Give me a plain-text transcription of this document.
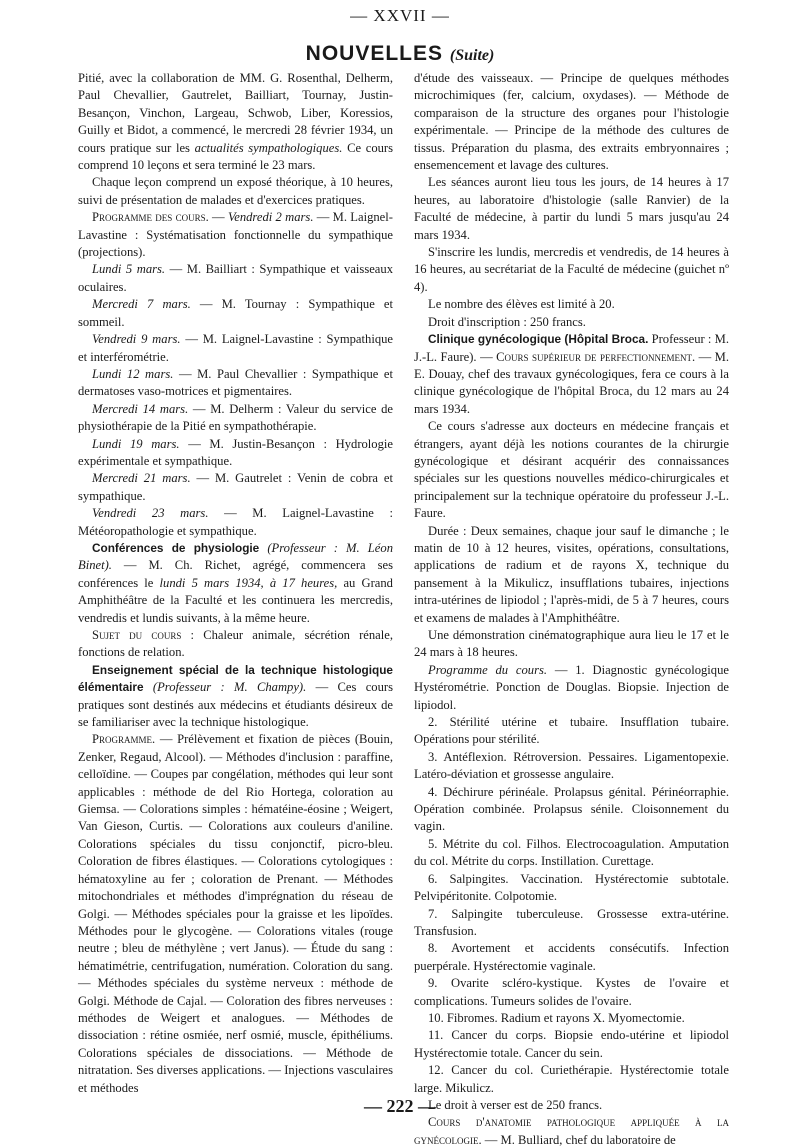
— XXVII —
NOUVELLES (Suite)

Pitié, avec la collaboration de MM. G. Rosenthal, Delherm, Paul Chevallier, Gautrelet, Bailliart, Tournay, Justin-Besançon, Vinchon, Largeau, Schwob, Liber, Koressios, Guilly et Bidot, a commencé, le mercredi 28 février 1934, un cours pratique sur les actualités sympathologiques. Ce cours comprend 10 leçons et sera terminé le 23 mars.

Chaque leçon comprend un exposé théorique, à 10 heures, suivi de présentation de malades et d'exercices pratiques.

Programme des cours. — Vendredi 2 mars. — M. Laignel-Lavastine : Systématisation fonctionnelle du sympathique (projections).

Lundi 5 mars. — M. Bailliart : Sympathique et vaisseaux oculaires.

Mercredi 7 mars. — M. Tournay : Sympathique et sommeil.

Vendredi 9 mars. — M. Laignel-Lavastine : Sympathique et interférométrie.

Lundi 12 mars. — M. Paul Chevallier : Sympathique et dermatoses vaso-motrices et pigmentaires.

Mercredi 14 mars. — M. Delherm : Valeur du service de physiothérapie de la Pitié en sympathothérapie.

Lundi 19 mars. — M. Justin-Besançon : Hydrologie expérimentale et sympathique.

Mercredi 21 mars. — M. Gautrelet : Venin de cobra et sympathique.

Vendredi 23 mars. — M. Laignel-Lavastine : Météoropathologie et sympathique.

Conférences de physiologie (Professeur : M. Léon Binet). — M. Ch. Richet, agrégé, commencera ses conférences le lundi 5 mars 1934, à 17 heures, au Grand Amphithéâtre de la Faculté et les continuera les mercredis, vendredis et lundis suivants, à la même heure.

Sujet du cours : Chaleur animale, sécrétion rénale, fonctions de relation.

Enseignement spécial de la technique histologique élémentaire (Professeur : M. Champy). — Ces cours pratiques sont destinés aux médecins et étudiants désireux de se familiariser avec la technique histologique.

Programme. — Prélèvement et fixation de pièces (Bouin, Zenker, Regaud, Alcool). — Méthodes d'inclusion : paraffine, celloïdine. — Coupes par congélation, méthodes qui leur sont applicables : méthode de del Rio Hortega, coloration au Giemsa. — Colorations simples : hématéine-éosine ; Weigert, Van Gieson, Curtis. — Colorations aux couleurs d'aniline. Colorations spéciales du tissu conjonctif, picro-bleu. Coloration de fibres élastiques. — Colorations cytologiques : hématoxyline au fer ; coloration de Prenant. — Méthodes mitochondriales et méthodes d'imprégnation du réseau de Golgi. — Méthodes spéciales pour la graisse et les lipoïdes. Méthodes pour le glycogène. — Colorations vitales (rouge neutre ; bleu de méthylène ; vert Janus). — Étude du sang : hématimétrie, centrifugation, numération. Coloration du sang. — Méthodes spéciales du système nerveux : méthode de Golgi. Méthode de Cajal. — Coloration des fibres nerveuses : méthodes de Weigert et analogues. — Méthodes de dissociation : rétine osmiée, nerf osmié, muscle, épithéliums. Colorations spéciales de dissociations. — Méthode de nitratation. Ses diverses applications. — Injections vasculaires et méthodes

d'étude des vaisseaux. — Principe de quelques méthodes microchimiques (fer, calcium, oxydases). — Méthode de comparaison de la structure des organes pour l'histologie expérimentale. — Principe de la méthode des cultures de tissus. Préparation du plasma, des extraits embryonnaires ; ensemencement et lavage des cultures.

Les séances auront lieu tous les jours, de 14 heures à 17 heures, au laboratoire d'histologie (salle Ranvier) de la Faculté de médecine, à partir du lundi 5 mars jusqu'au 24 mars 1934.

S'inscrire les lundis, mercredis et vendredis, de 14 heures à 16 heures, au secrétariat de la Faculté de médecine (guichet nº 4).

Le nombre des élèves est limité à 20.

Droit d'inscription : 250 francs.

Clinique gynécologique (Hôpital Broca. Professeur : M. J.-L. Faure). — Cours supérieur de perfectionnement. — M. E. Douay, chef des travaux gynécologiques, fera ce cours à la clinique gynécologique de l'hôpital Broca, du 12 mars au 24 mars 1934.

Ce cours s'adresse aux docteurs en médecine français et étrangers, ayant déjà les notions courantes de la chirurgie gynécologique et désirant acquérir des connaissances spéciales sur les questions nouvelles médico-chirurgicales et principalement sur la technique opératoire du professeur J.-L. Faure.

Durée : Deux semaines, chaque jour sauf le dimanche ; le matin de 10 à 12 heures, visites, opérations, consultations, applications de radium et de rayons X, technique du pansement à la Mikulicz, insufflations tubaires, injections intra-utérines de lipiodol ; l'après-midi, de 5 à 7 heures, cours et examens de malades à l'Amphithéâtre.

Une démonstration cinématographique aura lieu le 17 et le 24 mars à 18 heures.

Programme du cours. — 1. Diagnostic gynécologique Hystérométrie. Ponction de Douglas. Biopsie. Injection de lipiodol.

2. Stérilité utérine et tubaire. Insufflation tubaire. Opérations pour stérilité.

3. Antéflexion. Rétroversion. Pessaires. Ligamentopexie. Latéro-déviation et grossesse angulaire.

4. Déchirure périnéale. Prolapsus génital. Périnéorraphie. Opération combinée. Prolapsus sénile. Cloisonnement du vagin.

5. Métrite du col. Filhos. Electrocoagulation. Amputation du col. Métrite du corps. Instillation. Curettage.

6. Salpingites. Vaccination. Hystérectomie subtotale. Pelvipéritonite. Colpotomie.

7. Salpingite tuberculeuse. Grossesse extra-utérine. Transfusion.

8. Avortement et accidents consécutifs. Infection puerpérale. Hystérectomie vaginale.

9. Ovarite scléro-kystique. Kystes de l'ovaire et complications. Tumeurs solides de l'ovaire.

10. Fibromes. Radium et rayons X. Myomectomie.

11. Cancer du corps. Biopsie endo-utérine et lipiodol Hystérectomie totale. Cancer du sein.

12. Cancer du col. Curiethérapie. Hystérectomie totale large. Mikulicz.

Le droit à verser est de 250 francs.

Cours d'anatomie pathologique appliquée à la gynécologie. — M. Bulliard, chef du laboratoire de

— 222 —
